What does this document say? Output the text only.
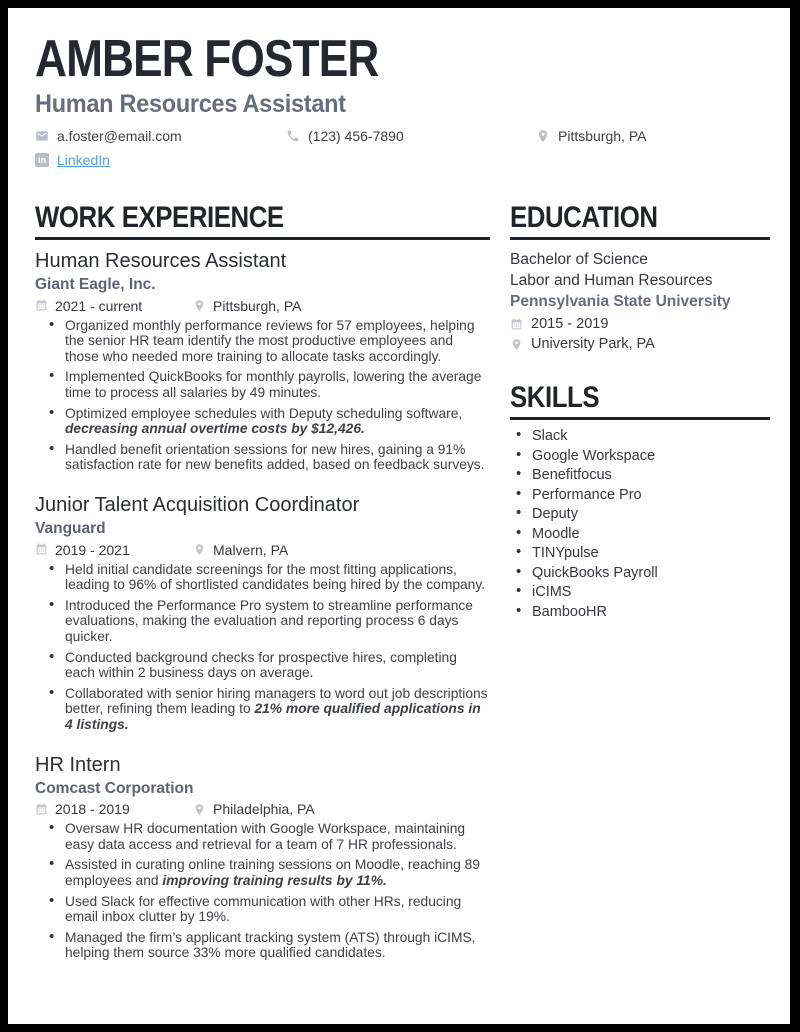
AMBER FOSTER
Human Resources Assistant
a.foster@email.com	(123) 456-7890	Pittsburgh, PA
in LinkedIn
WORK EXPERIENCE
Human Resources Assistant
Giant Eagle, Inc.
2021 - current	Pittsburgh, PA
• Organized monthly performance reviews for 57 employees, helping the senior HR team identify the most productive employees and those who needed more training to allocate tasks accordingly.
• Implemented QuickBooks for monthly payrolls, lowering the average time to process all salaries by 49 minutes.
• Optimized employee schedules with Deputy scheduling software, decreasing annual overtime costs by $12,426.
• Handled benefit orientation sessions for new hires, gaining a 91% satisfaction rate for new benefits added, based on feedback surveys.
Junior Talent Acquisition Coordinator
Vanguard
2019 - 2021	Malvern, PA
• Held initial candidate screenings for the most fitting applications, leading to 96% of shortlisted candidates being hired by the company.
• Introduced the Performance Pro system to streamline performance evaluations, making the evaluation and reporting process 6 days quicker.
• Conducted background checks for prospective hires, completing each within 2 business days on average.
• Collaborated with senior hiring managers to word out job descriptions better, refining them leading to 21% more qualified applications in 4 listings.
HR Intern
Comcast Corporation
2018 - 2019	Philadelphia, PA
• Oversaw HR documentation with Google Workspace, maintaining easy data access and retrieval for a team of 7 HR professionals.
• Assisted in curating online training sessions on Moodle, reaching 89 employees and improving training results by 11%.
• Used Slack for effective communication with other HRs, reducing email inbox clutter by 19%.
• Managed the firm’s applicant tracking system (ATS) through iCIMS, helping them source 33% more qualified candidates.
EDUCATION
Bachelor of Science
Labor and Human Resources
Pennsylvania State University
2015 - 2019
University Park, PA
SKILLS
• Slack
• Google Workspace
• Benefitfocus
• Performance Pro
• Deputy
• Moodle
• TINYpulse
• QuickBooks Payroll
• iCIMS
• BambooHR
